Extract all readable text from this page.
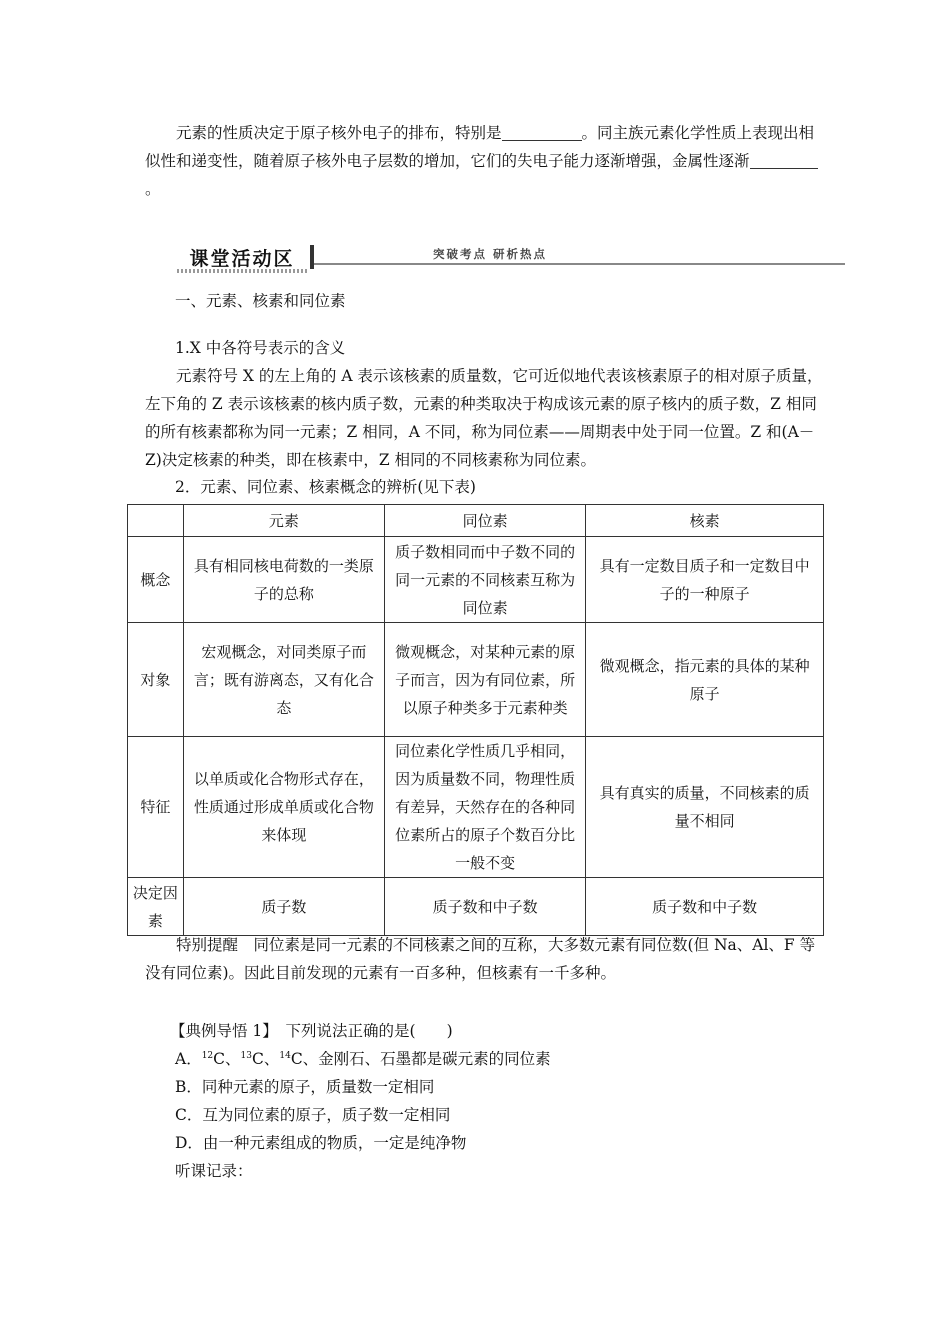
元素的性质决定于原子核外电子的排布，特别是	。同主族元素化学性质上表现出相似性和递变性，随着原子核外电子层数的增加，它们的失电子能力逐渐增强，金属性逐渐。

课堂活动区	突破考点 研析热点

一、元素、核素和同位素

1.X 中各符号表示的含义

元素符号 X 的左上角的 A 表示该核素的质量数，它可近似地代表该核素原子的相对原子质量，左下角的 Z 表示该核素的核内质子数，元素的种类取决于构成该元素的原子核内的质子数，Z 相同的所有核素都称为同一元素；Z 相同，A 不同，称为同位素——周期表中处于同一位置。Z 和(A－Z)决定核素的种类，即在核素中，Z 相同的不同核素称为同位素。

2．元素、同位素、核素概念的辨析(见下表)

	元素	同位素	核素
概念	具有相同核电荷数的一类原子的总称	质子数相同而中子数不同的同一元素的不同核素互称为同位素	具有一定数目质子和一定数目中子的一种原子
对象	宏观概念，对同类原子而言；既有游离态，又有化合态	微观概念，对某种元素的原子而言，因为有同位素，所以原子种类多于元素种类	微观概念，指元素的具体的某种原子
特征	以单质或化合物形式存在，性质通过形成单质或化合物来体现	同位素化学性质几乎相同，因为质量数不同，物理性质有差异，天然存在的各种同位素所占的原子个数百分比一般不变	具有真实的质量，不同核素的质量不相同
决定因素	质子数	质子数和中子数	质子数和中子数

特别提醒　同位素是同一元素的不同核素之间的互称，大多数元素有同位数(但 Na、Al、F 等没有同位素)。因此目前发现的元素有一百多种，但核素有一千多种。

【典例导悟 1】　下列说法正确的是(　　)

A．$^{12}$C、$^{13}$C、$^{14}$C、金刚石、石墨都是碳元素的同位素

B．同种元素的原子，质量数一定相同

C．互为同位素的原子，质子数一定相同

D．由一种元素组成的物质，一定是纯净物

听课记录：
